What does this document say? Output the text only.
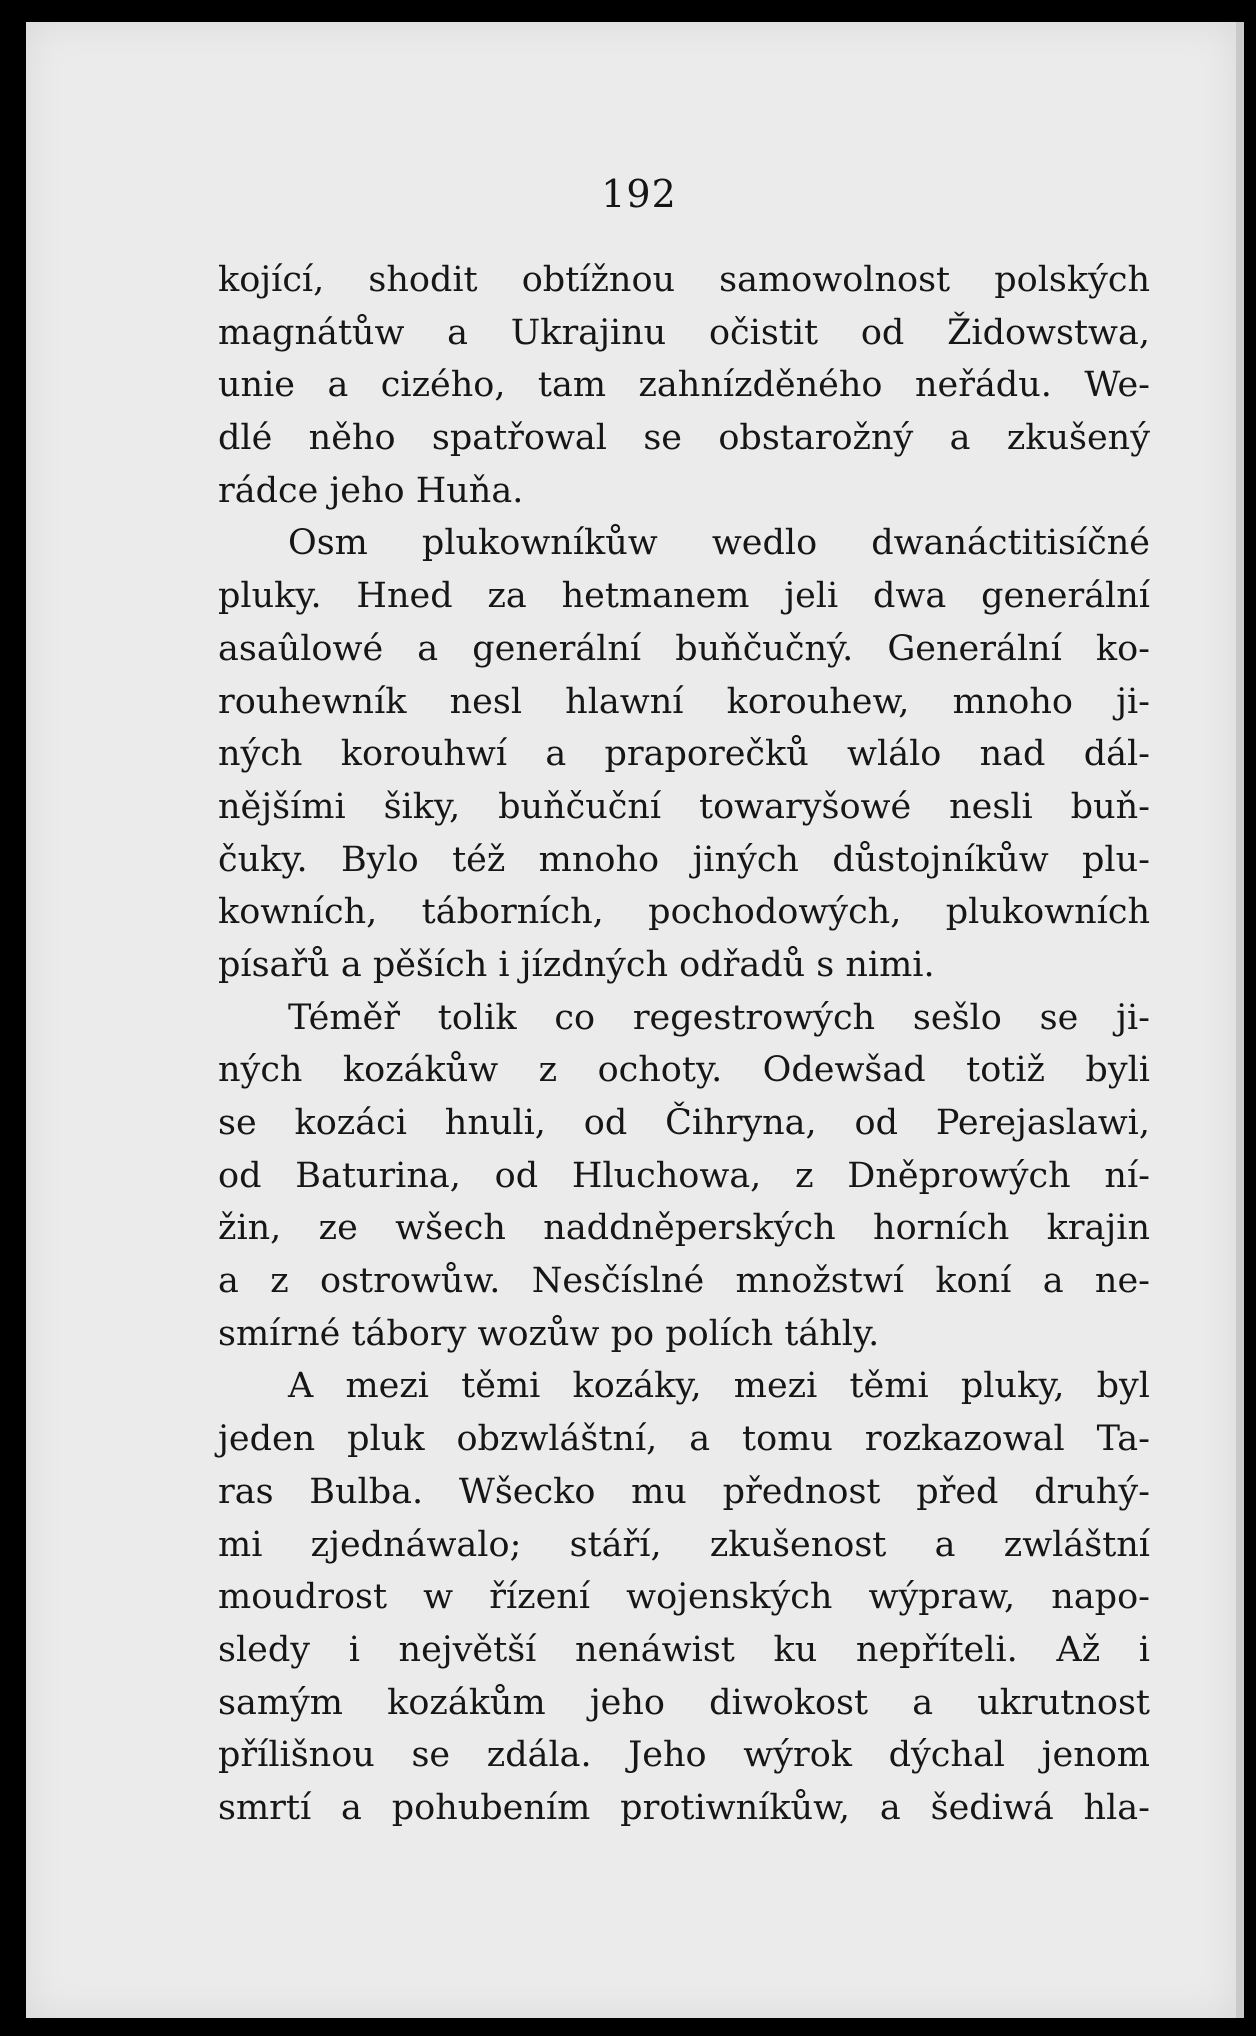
192
kojící, shodit obtížnou samowolnost polských
magnátůw a Ukrajinu očistit od Židowstwa,
unie a cizého, tam zahnízděného neřádu. We-
dlé něho spatřowal se obstarožný a zkušený
rádce jeho Huňa.
Osm plukowníkůw wedlo dwanáctitisíčné
pluky. Hned za hetmanem jeli dwa generální
asaûlowé a generální buňčučný. Generální ko-
rouhewník nesl hlawní korouhew, mnoho ji-
ných korouhwí a praporečků wlálo nad dál-
nějšími šiky, buňčuční towaryšowé nesli buň-
čuky. Bylo též mnoho jiných důstojníkůw plu-
kowních, táborních, pochodowých, plukowních
písařů a pěších i jízdných odřadů s nimi.
Téměř tolik co regestrowých sešlo se ji-
ných kozákůw z ochoty. Odewšad totiž byli
se kozáci hnuli, od Čihryna, od Perejaslawi,
od Baturina, od Hluchowa, z Dněprowých ní-
žin, ze wšech naddněperských horních krajin
a z ostrowůw. Nesčíslné množstwí koní a ne-
smírné tábory wozůw po polích táhly.
A mezi těmi kozáky, mezi těmi pluky, byl
jeden pluk obzwláštní, a tomu rozkazowal Ta-
ras Bulba. Wšecko mu přednost před druhý-
mi zjednáwalo; stáří, zkušenost a zwláštní
moudrost w řízení wojenských wýpraw, napo-
sledy i největší nenáwist ku nepříteli. Až i
samým kozákům jeho diwokost a ukrutnost
přílišnou se zdála. Jeho wýrok dýchal jenom
smrtí a pohubením protiwníkůw, a šediwá hla-
